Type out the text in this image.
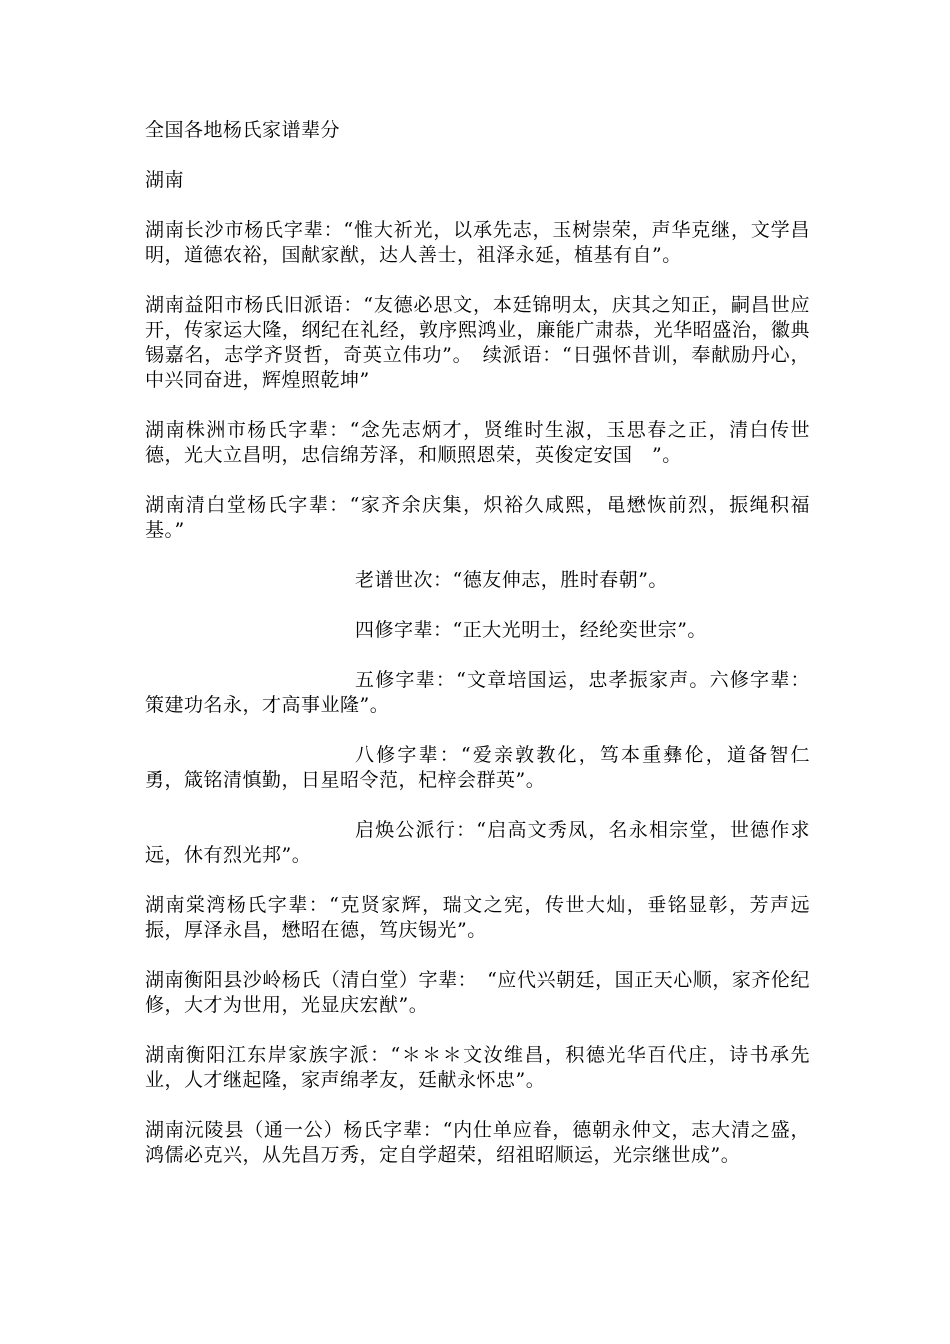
全国各地杨氏家谱辈分
湖南
湖南长沙市杨氏字辈：“惟大祈光，以承先志，玉树崇荣，声华克继，文学昌明，道德农裕，国献家猷，达人善士，祖泽永延，植基有自”。
湖南益阳市杨氏旧派语：“友德必思文，本廷锦明太，庆其之知正，嗣昌世应开，传家运大隆，纲纪在礼经，敦序熙鸿业，廉能广肃恭，光华昭盛治，徽典锡嘉名，志学齐贤哲，奇英立伟功”。　续派语：“日强怀昔训，奉献励丹心，中兴同奋进，辉煌照乾坤”
湖南株洲市杨氏字辈：“念先志炳才，贤维时生淑，玉思春之正，清白传世德，光大立昌明，忠信绵芳泽，和顺照恩荣，英俊定安国　”。
湖南清白堂杨氏字辈：“家齐余庆集，炽裕久咸熙，黾懋恢前烈，振绳积福基。”
老谱世次：“德友伸志，胜时春朝”。
四修字辈：“正大光明士，经纶奕世宗”。
五修字辈：“文章培国运，忠孝振家声。六修字辈：策建功名永，才高事业隆”。
八修字辈：“爱亲敦教化，笃本重彝伦，道备智仁勇，箴铭清慎勤，日星昭令范，杞梓会群英”。
启焕公派行：“启高文秀凤，名永相宗堂，世德作求远，休有烈光邦”。
湖南棠湾杨氏字辈：“克贤家辉，瑞文之宪，传世大灿，垂铭显彰，芳声远振，厚泽永昌，懋昭在德，笃庆锡光”。
湖南衡阳县沙岭杨氏（清白堂）字辈：　“应代兴朝廷，国正天心顺，家齐伦纪修，大才为世用，光显庆宏猷”。
湖南衡阳江东岸家族字派：“＊＊＊文汝维昌，积德光华百代庄，诗书承先业，人才继起隆，家声绵孝友，廷献永怀忠”。
湖南沅陵县（通一公）杨氏字辈：“内仕单应眷，德朝永仲文，志大清之盛，鸿儒必克兴，从先昌万秀，定自学超荣，绍祖昭顺运，光宗继世成”。
